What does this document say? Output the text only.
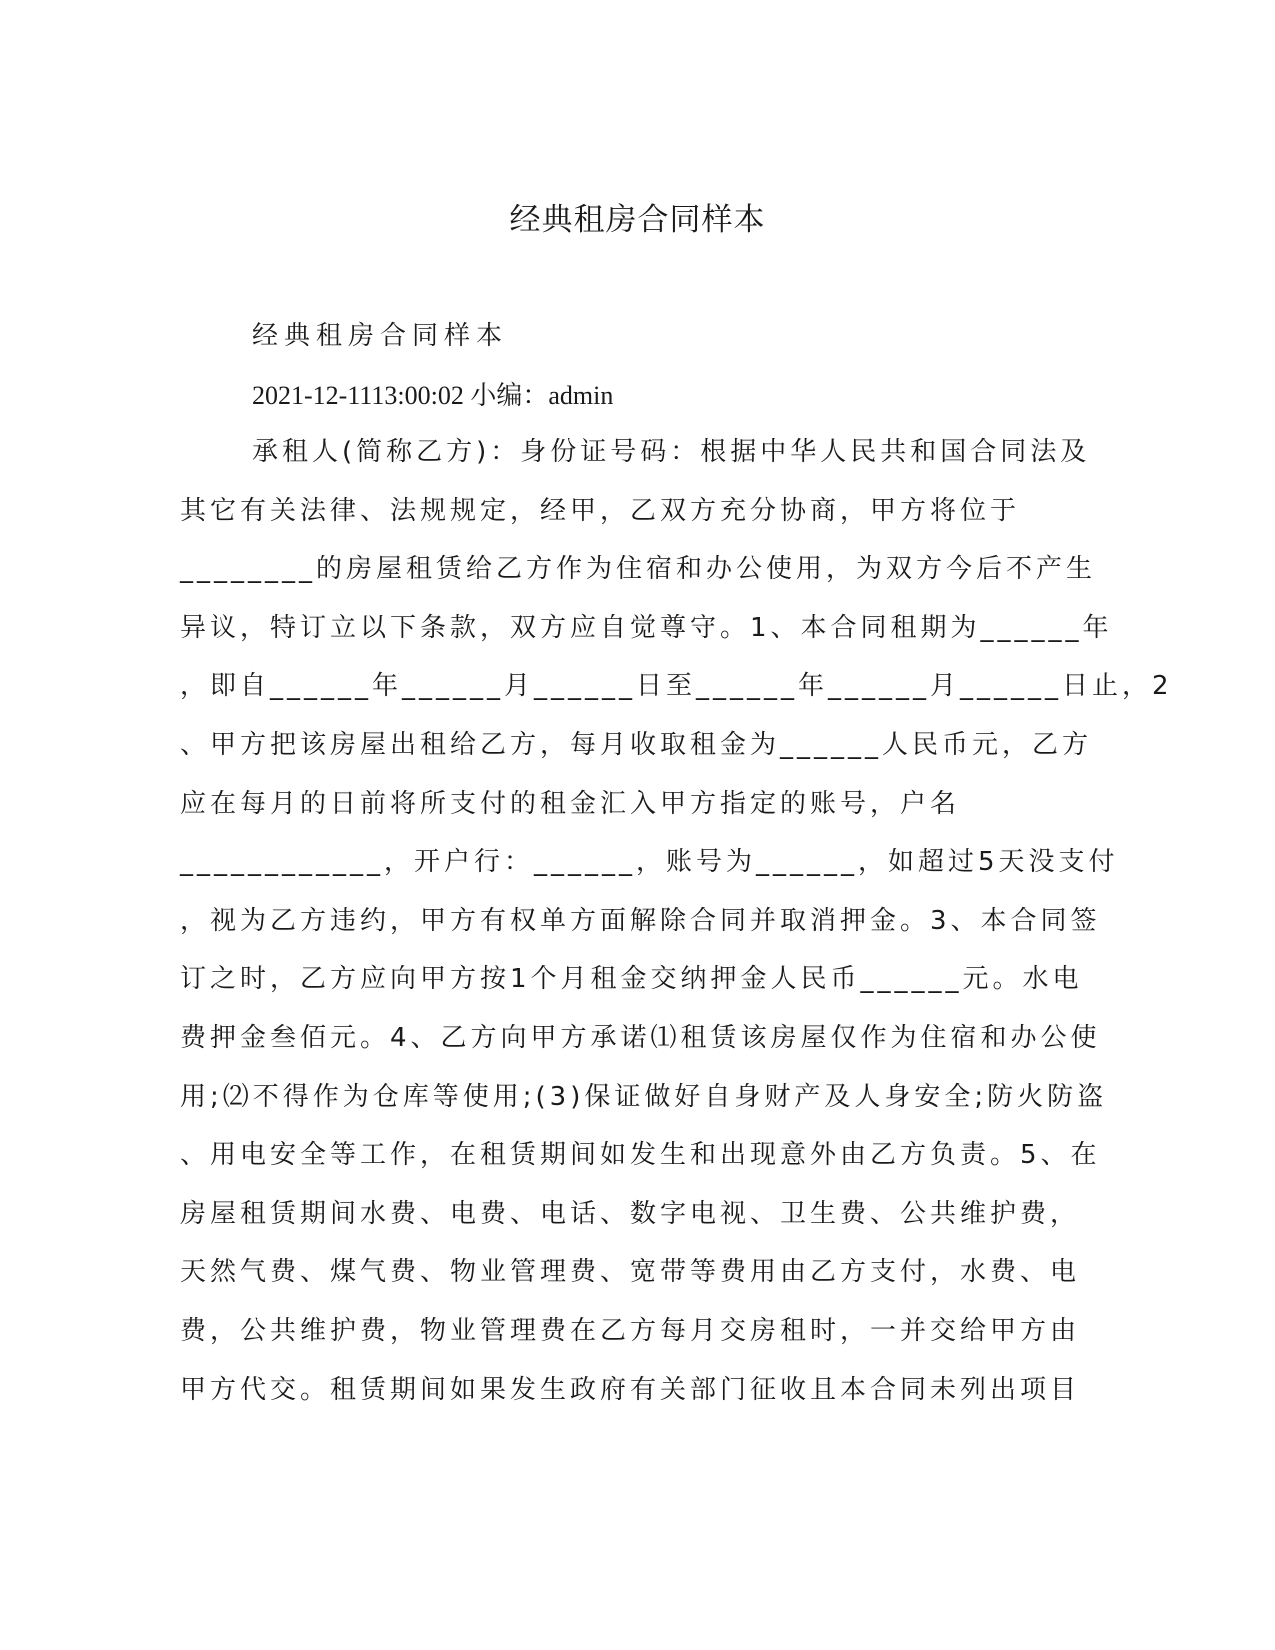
经典租房合同样本
经典租房合同样本
2021-12-1113:00:02 小编：admin
承租人(简称乙方)：身份证号码：根据中华人民共和国合同法及
其它有关法律、法规规定，经甲，乙双方充分协商，甲方将位于
________的房屋租赁给乙方作为住宿和办公使用，为双方今后不产生
异议，特订立以下条款，双方应自觉尊守。1、本合同租期为______年
，即自______年______月______日至______年______月______日止，2
、甲方把该房屋出租给乙方，每月收取租金为______人民币元，乙方
应在每月的日前将所支付的租金汇入甲方指定的账号，户名
____________，开户行：______，账号为______，如超过5天没支付
，视为乙方违约，甲方有权单方面解除合同并取消押金。3、本合同签
订之时，乙方应向甲方按1个月租金交纳押金人民币______元。水电
费押金叁佰元。4、乙方向甲方承诺⑴租赁该房屋仅作为住宿和办公使
用;⑵不得作为仓库等使用;(3)保证做好自身财产及人身安全;防火防盗
、用电安全等工作，在租赁期间如发生和出现意外由乙方负责。5、在
房屋租赁期间水费、电费、电话、数字电视、卫生费、公共维护费，
天然气费、煤气费、物业管理费、宽带等费用由乙方支付，水费、电
费，公共维护费，物业管理费在乙方每月交房租时，一并交给甲方由
甲方代交。租赁期间如果发生政府有关部门征收且本合同未列出项目
